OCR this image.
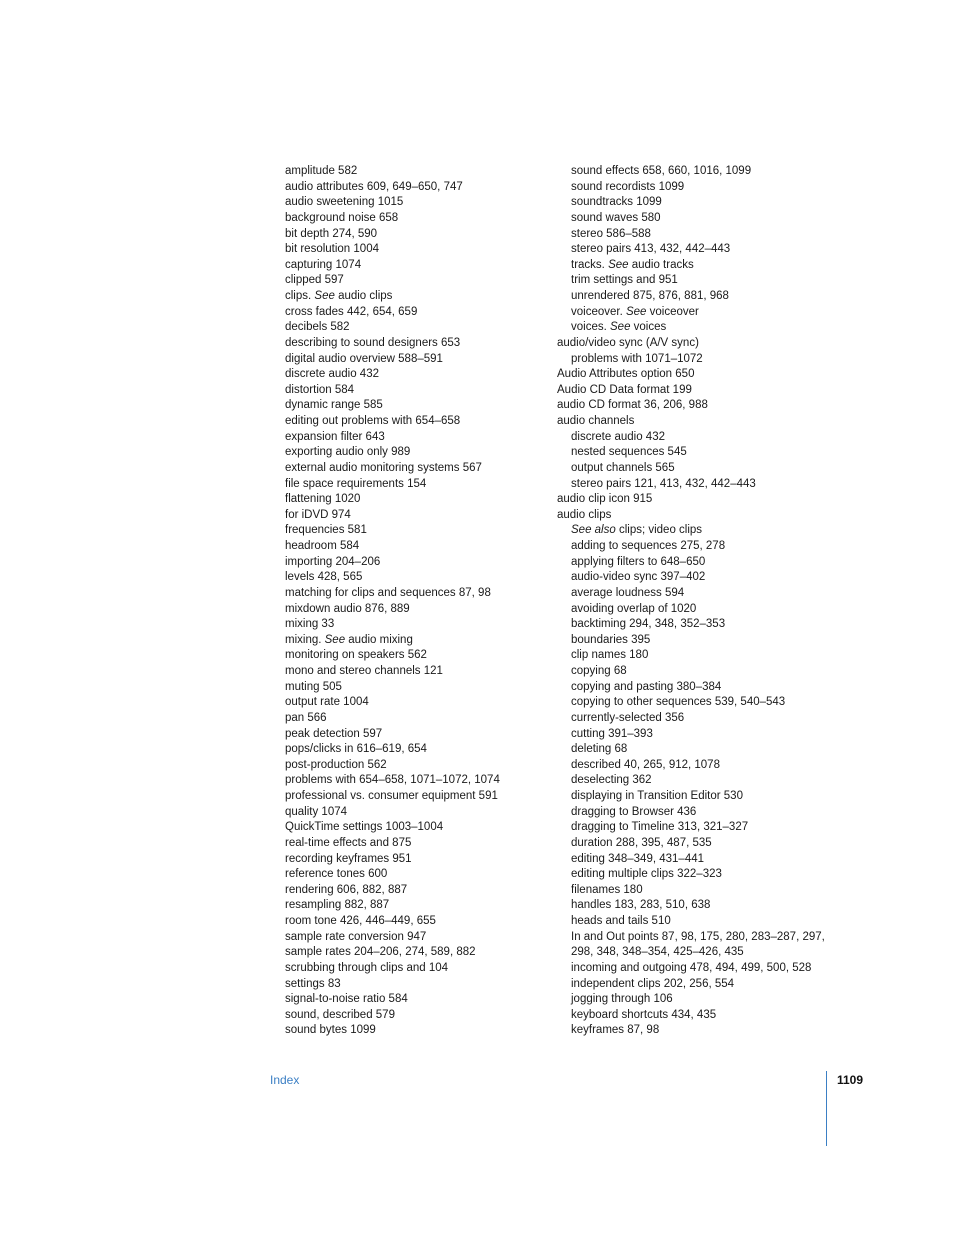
amplitude 582
audio attributes 609, 649–650, 747
audio sweetening 1015
background noise 658
bit depth 274, 590
bit resolution 1004
capturing 1074
clipped 597
clips. See audio clips
cross fades 442, 654, 659
decibels 582
describing to sound designers 653
digital audio overview 588–591
discrete audio 432
distortion 584
dynamic range 585
editing out problems with 654–658
expansion filter 643
exporting audio only 989
external audio monitoring systems 567
file space requirements 154
flattening 1020
for iDVD 974
frequencies 581
headroom 584
importing 204–206
levels 428, 565
matching for clips and sequences 87, 98
mixdown audio 876, 889
mixing 33
mixing. See audio mixing
monitoring on speakers 562
mono and stereo channels 121
muting 505
output rate 1004
pan 566
peak detection 597
pops/clicks in 616–619, 654
post-production 562
problems with 654–658, 1071–1072, 1074
professional vs. consumer equipment 591
quality 1074
QuickTime settings 1003–1004
real-time effects and 875
recording keyframes 951
reference tones 600
rendering 606, 882, 887
resampling 882, 887
room tone 426, 446–449, 655
sample rate conversion 947
sample rates 204–206, 274, 589, 882
scrubbing through clips and 104
settings 83
signal-to-noise ratio 584
sound, described 579
sound bytes 1099
sound effects 658, 660, 1016, 1099
sound recordists 1099
soundtracks 1099
sound waves 580
stereo 586–588
stereo pairs 413, 432, 442–443
tracks. See audio tracks
trim settings and 951
unrendered 875, 876, 881, 968
voiceover. See voiceover
voices. See voices
audio/video sync (A/V sync)
problems with 1071–1072
Audio Attributes option 650
Audio CD Data format 199
audio CD format 36, 206, 988
audio channels
discrete audio 432
nested sequences 545
output channels 565
stereo pairs 121, 413, 432, 442–443
audio clip icon 915
audio clips
See also clips; video clips
adding to sequences 275, 278
applying filters to 648–650
audio-video sync 397–402
average loudness 594
avoiding overlap of 1020
backtiming 294, 348, 352–353
boundaries 395
clip names 180
copying 68
copying and pasting 380–384
copying to other sequences 539, 540–543
currently-selected 356
cutting 391–393
deleting 68
described 40, 265, 912, 1078
deselecting 362
displaying in Transition Editor 530
dragging to Browser 436
dragging to Timeline 313, 321–327
duration 288, 395, 487, 535
editing 348–349, 431–441
editing multiple clips 322–323
filenames 180
handles 183, 283, 510, 638
heads and tails 510
In and Out points 87, 98, 175, 280, 283–287, 297,
298, 348, 348–354, 425–426, 435
incoming and outgoing 478, 494, 499, 500, 528
independent clips 202, 256, 554
jogging through 106
keyboard shortcuts 434, 435
keyframes 87, 98
Index	1109
